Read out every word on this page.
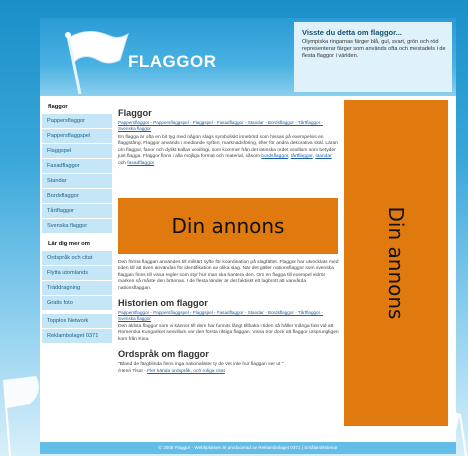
FLAGGOR
Visste du detta om flaggor...
Olympiska ringarnas färger blå, gul, svart, grön och röd representerar färger som används ofta och mestadels i de flesta flaggor i världen.
flaggor
Pappersflaggor
Pappersflaggspel
Flaggspel
Fasadflaggor
Standar
Bordsflaggor
Tårtflaggor
Svenska flaggor
Lär dig mer om
Ordspråk och citat
Flytta utomlands
Träddragning
Gratis foto
Topplox Network
Reklambolaget 0371
Flaggor
Pappersflaggor - Pappersflaggspel - Flaggspel - Fasadflaggor - Standar - Bordsflaggor - Tårtflaggor - Svenska flaggor
En flagga är ofta en bit tyg med någon slags symboliskt innebörd som hissas på exempelvis en flaggstång. Flaggor används i mediande syften, marknadsföring, eller för andra dekorativa skäl. Läran om flaggor, fanor och dylikt kallas vexillogi, som kommer från det latinska ordet vexillum som betyder just flagga. Flaggor finns i alla möjliga format och material, såsom bordsflaggor, tårtflaggor, standar och fasadflaggor
Din annons
Den första flaggan användes till militärt syfte för koordination på slagfältet. Flaggor har utvecklats med tiden till att även användas för identifikation av olika slag. När det gäller nationsflaggor som svenska flaggan finns till vissa regler som styr hur man ska hantera den. Om en flagga till exempel vidrör marken så måste den brännas. I de flesta länder är det faktiskt ett lagbrott att vanvårda nationsflaggan.
Historien om flaggor
Pappersflaggor - Pappersflaggspel - Flaggspel - Fasadflaggor - Standar - Bordsflaggor - Tårtflaggor - Svenska flaggor
Den äldsta flaggor som vi känner till dem har funnits långt tillbaka i tiden så håller många fast vid att Romerska Kungariket sexvillum var den första riktiga flaggan. Vissa tror dock att flaggor ursprungligen kom från Kina.
Ordspråk om flaggor
"Bland de färgblinda finns inga nationalister ty de vet inte hur flaggan ser ut "
/Henri Tisot - Fler kända ordspråk, och roliga citat
Din annons
© 2008 Flaggor - Webbplatsen är producerad av Reklambolaget 0371 | Smålandsstenar
